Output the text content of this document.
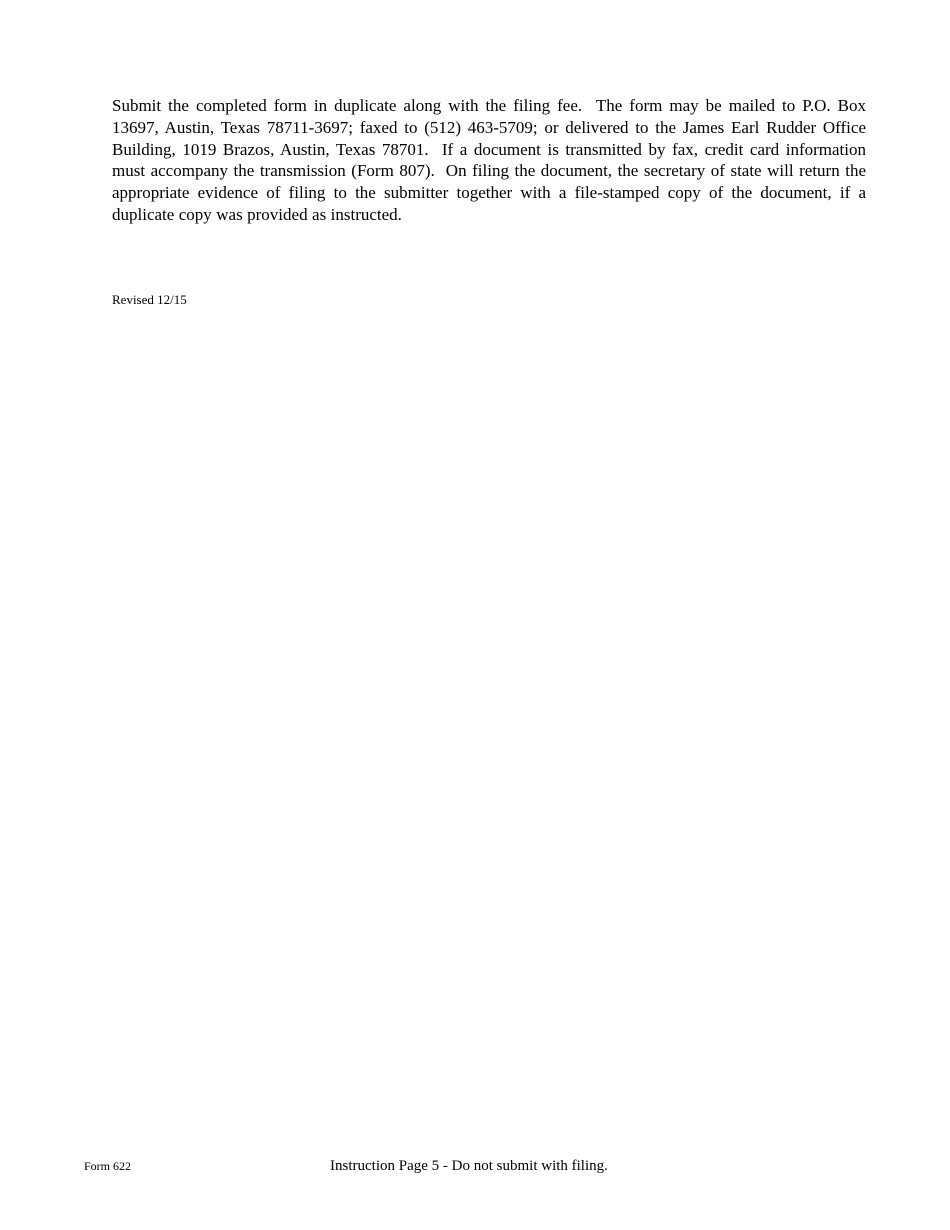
Submit the completed form in duplicate along with the filing fee.  The form may be mailed to P.O. Box 13697, Austin, Texas 78711-3697; faxed to (512) 463-5709; or delivered to the James Earl Rudder Office Building, 1019 Brazos, Austin, Texas 78701.  If a document is transmitted by fax, credit card information must accompany the transmission (Form 807).  On filing the document, the secretary of state will return the appropriate evidence of filing to the submitter together with a file-stamped copy of the document, if a duplicate copy was provided as instructed.

Revised 12/15

Form 622	Instruction Page 5 - Do not submit with filing.
